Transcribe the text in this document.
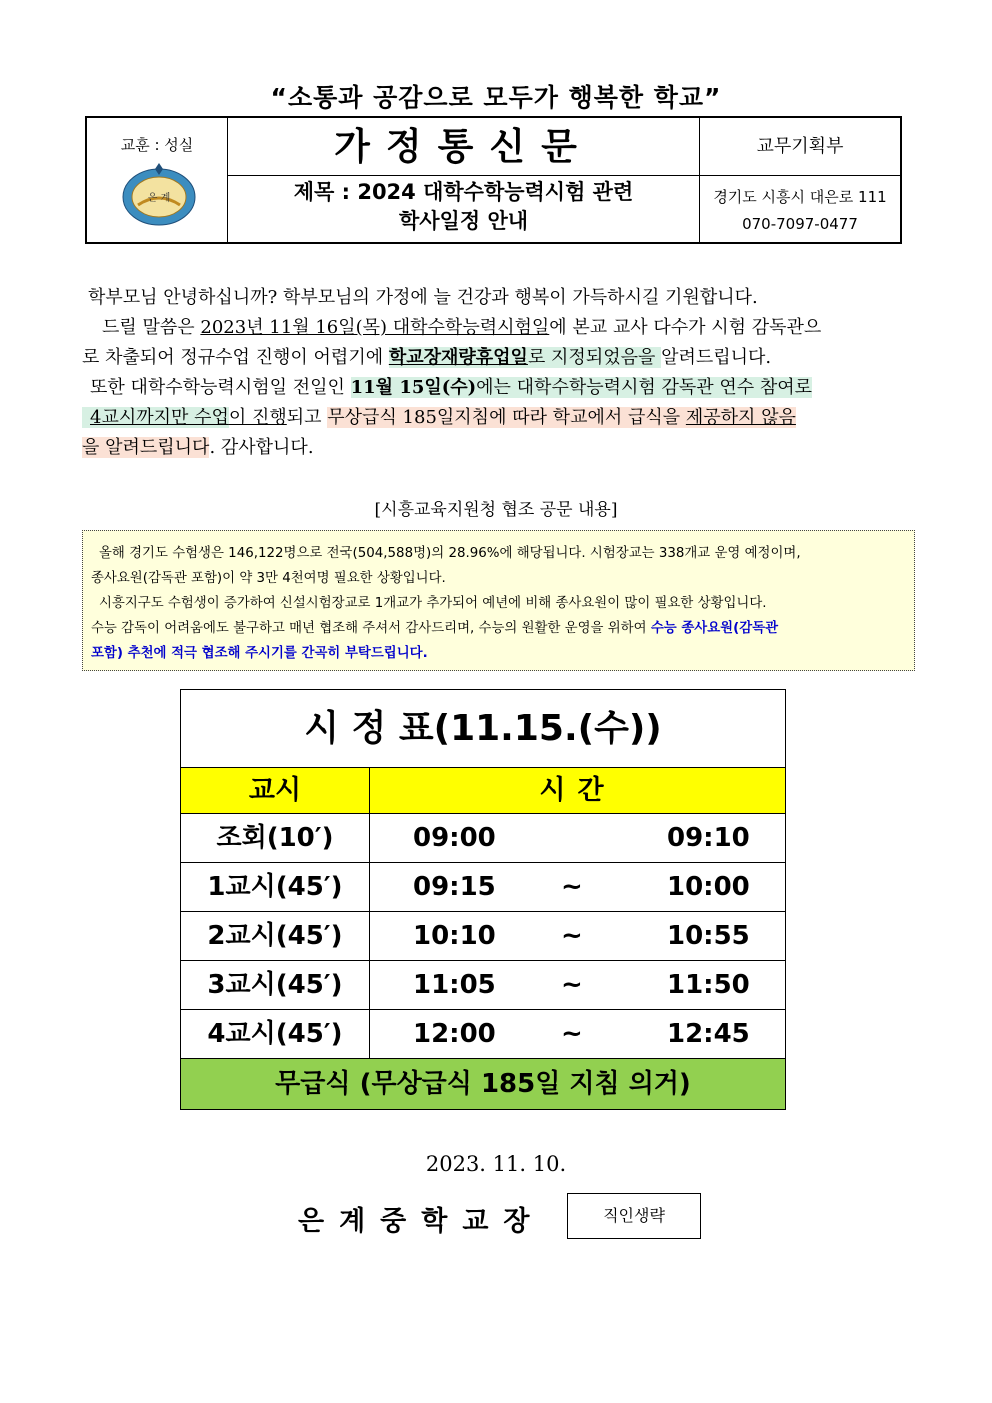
“소통과 공감으로 모두가 행복한 학교”
교훈 : 성실
은 계
가정통신문
제목 : 2024 대학수학능력시험 관련
학사일정 안내
교무기획부
경기도 시흥시 대은로 111
070-7097-0477
학부모님 안녕하십니까? 학부모님의 가정에 늘 건강과 행복이 가득하시길 기원합니다.
드릴 말씀은 2023년 11월 16일(목) 대학수학능력시험일에 본교 교사 다수가 시험 감독관으
로 차출되어 정규수업 진행이 어렵기에 학교장재량휴업일로 지정되었음을 알려드립니다.
또한 대학수학능력시험일 전일인 11월 15일(수)에는 대학수학능력시험 감독관 연수 참여로
4교시까지만 수업이 진행되고 무상급식 185일지침에 따라 학교에서 급식을 제공하지 않음
을 알려드립니다. 감사합니다.
[시흥교육지원청 협조 공문 내용]
올해 경기도 수험생은 146,122명으로 전국(504,588명)의 28.96%에 해당됩니다. 시험장교는 338개교 운영 예정이며,
종사요원(감독관 포함)이 약 3만 4천여명 필요한 상황입니다.
시흥지구도 수험생이 증가하여 신설시험장교로 1개교가 추가되어 예년에 비해 종사요원이 많이 필요한 상황입니다.
수능 감독이 어려움에도 불구하고 매년 협조해 주셔서 감사드리며, 수능의 원활한 운영을 위하여 수능 종사요원(감독관
포함) 추천에 적극 협조해 주시기를 간곡히 부탁드립니다.
시 정 표(11.15.(수))
교시	시간
조회(10′)	09:00	09:10
1교시(45′)	09:15	~	10:00
2교시(45′)	10:10	~	10:55
3교시(45′)	11:05	~	11:50
4교시(45′)	12:00	~	12:45
무급식 (무상급식 185일 지침 의거)
2023. 11. 10.
은계중학교장	직인생략
